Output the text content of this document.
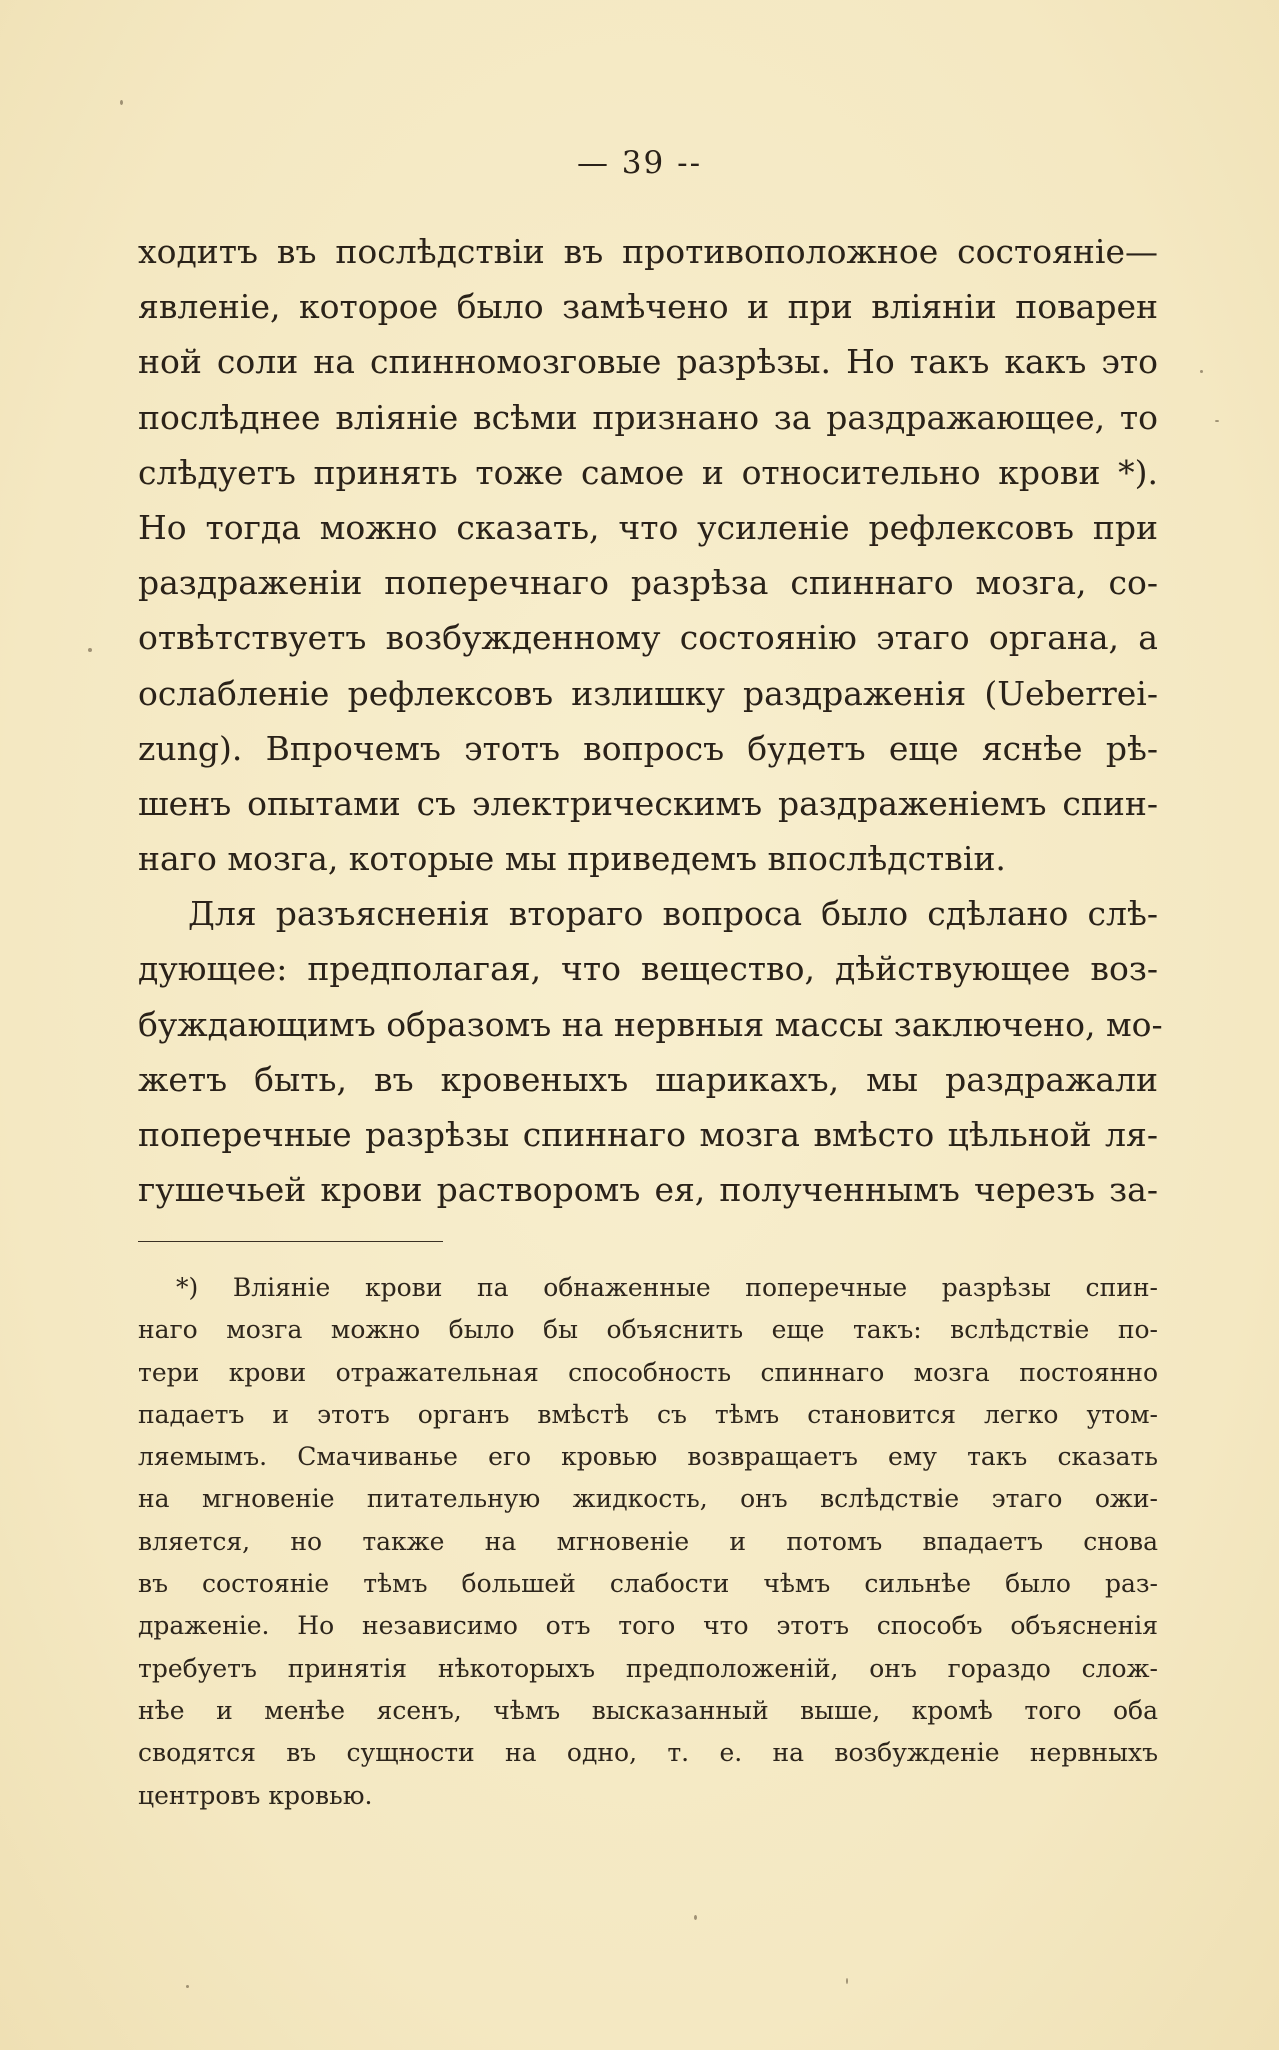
— 39 --
ходитъ въ послѣдствіи въ противоположное состояніе—
явленіе, которое было замѣчено и при вліяніи поварен
ной соли на спинномозговые разрѣзы. Но такъ какъ это
послѣднее вліяніе всѣми признано за раздражающее, то
слѣдуетъ принять тоже самое и относительно крови *).
Но тогда можно сказать, что усиленіе рефлексовъ при
раздраженіи поперечнаго разрѣза спиннаго мозга, со-
отвѣтствуетъ возбужденному состоянію этаго органа, а
ослабленіе рефлексовъ излишку раздраженія (Ueberrei-
zung). Впрочемъ этотъ вопросъ будетъ еще яснѣе рѣ-
шенъ опытами съ электрическимъ раздраженіемъ спин-
наго мозга, которые мы приведемъ впослѣдствіи.
Для разъясненія втораго вопроса было сдѣлано слѣ-
дующее: предполагая, что вещество, дѣйствующее воз-
буждающимъ образомъ на нервныя массы заключено, мо-
жетъ быть, въ кровеныхъ шарикахъ, мы раздражали
поперечные разрѣзы спиннаго мозга вмѣсто цѣльной ля-
гушечьей крови растворомъ ея, полученнымъ черезъ за-
*) Вліяніе крови па обнаженные поперечные разрѣзы спин-
наго мозга можно было бы объяснить еще такъ: вслѣдствіе по-
тери крови отражательная способность спиннаго мозга постоянно
падаетъ и этотъ органъ вмѣстѣ съ тѣмъ становится легко утом-
ляемымъ. Смачиванье его кровью возвращаетъ ему такъ сказать
на мгновеніе питательную жидкость, онъ вслѣдствіе этаго ожи-
вляется, но также на мгновеніе и потомъ впадаетъ снова
въ состояніе тѣмъ большей слабости чѣмъ сильнѣе было раз-
драженіе. Но независимо отъ того что этотъ способъ объясненія
требуетъ принятія нѣкоторыхъ предположеній, онъ гораздо слож-
нѣе и менѣе ясенъ, чѣмъ высказанный выше, кромѣ того оба
сводятся въ сущности на одно, т. е. на возбужденіе нервныхъ
центровъ кровью.
